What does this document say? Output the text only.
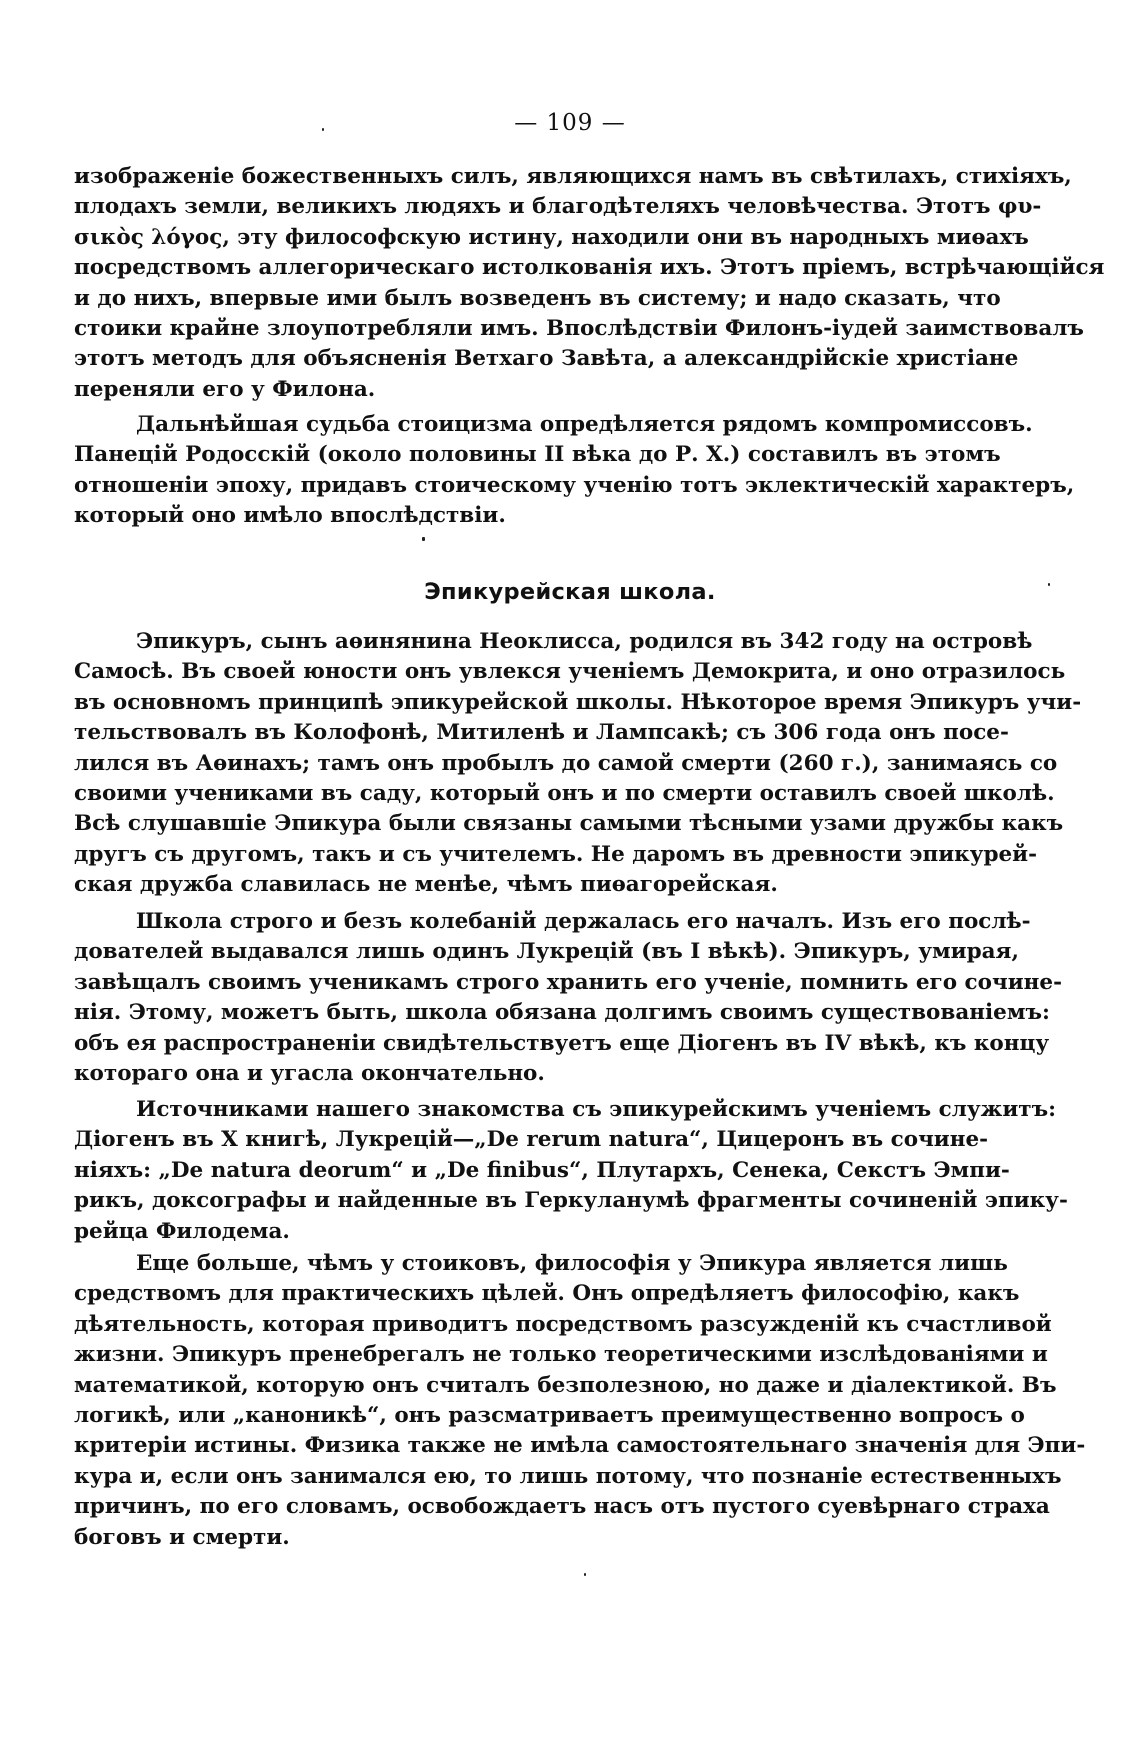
— 109 —
изображеніе божественныхъ силъ, являющихся намъ въ свѣтилахъ, стихіяхъ,
плодахъ земли, великихъ людяхъ и благодѣтеляхъ человѣчества. Этотъ φυ-
σικὸς λόγος, эту философскую истину, находили они въ народныхъ миѳахъ
посредствомъ аллегорическаго истолкованія ихъ. Этотъ пріемъ, встрѣчающійся
и до нихъ, впервые ими былъ возведенъ въ систему; и надо сказать, что
стоики крайне злоупотребляли имъ. Впослѣдствіи Филонъ-іудей заимствовалъ
этотъ методъ для объясненія Ветхаго Завѣта, а александрійскіе христіане
переняли его у Филона.
Дальнѣйшая судьба стоицизма опредѣляется рядомъ компромиссовъ.
Панецій Родосскій (около половины II вѣка до Р. X.) составилъ въ этомъ
отношеніи эпоху, придавъ стоическому ученію тотъ эклектическій характеръ,
который оно имѣло впослѣдствіи.
Эпикурейская школа.
Эпикуръ, сынъ аѳинянина Неоклисса, родился въ 342 году на островѣ
Самосѣ. Въ своей юности онъ увлекся ученіемъ Демокрита, и оно отразилось
въ основномъ принципѣ эпикурейской школы. Нѣкоторое время Эпикуръ учи-
тельствовалъ въ Колофонѣ, Митиленѣ и Лампсакѣ; съ 306 года онъ посе-
лился въ Аѳинахъ; тамъ онъ пробылъ до самой смерти (260 г.), занимаясь со
своими учениками въ саду, который онъ и по смерти оставилъ своей школѣ.
Всѣ слушавшіе Эпикура были связаны самыми тѣсными узами дружбы какъ
другъ съ другомъ, такъ и съ учителемъ. Не даромъ въ древности эпикурей-
ская дружба славилась не менѣе, чѣмъ пиѳагорейская.
Школа строго и безъ колебаній держалась его началъ. Изъ его послѣ-
дователей выдавался лишь одинъ Лукрецій (въ I вѣкѣ). Эпикуръ, умирая,
завѣщалъ своимъ ученикамъ строго хранить его ученіе, помнить его сочине-
нія. Этому, можетъ быть, школа обязана долгимъ своимъ существованіемъ:
объ ея распространеніи свидѣтельствуетъ еще Діогенъ въ IV вѣкѣ, къ концу
котораго она и угасла окончательно.
Источниками нашего знакомства съ эпикурейскимъ ученіемъ служитъ:
Діогенъ въ X книгѣ, Лукрецій—„De rerum natura“, Цицеронъ въ сочине-
ніяхъ: „De natura deorum“ и „De finibus“, Плутархъ, Сенека, Секстъ Эмпи-
рикъ, доксографы и найденные въ Геркуланумѣ фрагменты сочиненій эпику-
рейца Филодема.
Еще больше, чѣмъ у стоиковъ, философія у Эпикура является лишь
средствомъ для практическихъ цѣлей. Онъ опредѣляетъ философію, какъ
дѣятельность, которая приводитъ посредствомъ разсужденій къ счастливой
жизни. Эпикуръ пренебрегалъ не только теоретическими изслѣдованіями и
математикой, которую онъ считалъ безполезною, но даже и діалектикой. Въ
логикѣ, или „каноникѣ“, онъ разсматриваетъ преимущественно вопросъ о
критеріи истины. Физика также не имѣла самостоятельнаго значенія для Эпи-
кура и, если онъ занимался ею, то лишь потому, что познаніе естественныхъ
причинъ, по его словамъ, освобождаетъ насъ отъ пустого суевѣрнаго страха
боговъ и смерти.
